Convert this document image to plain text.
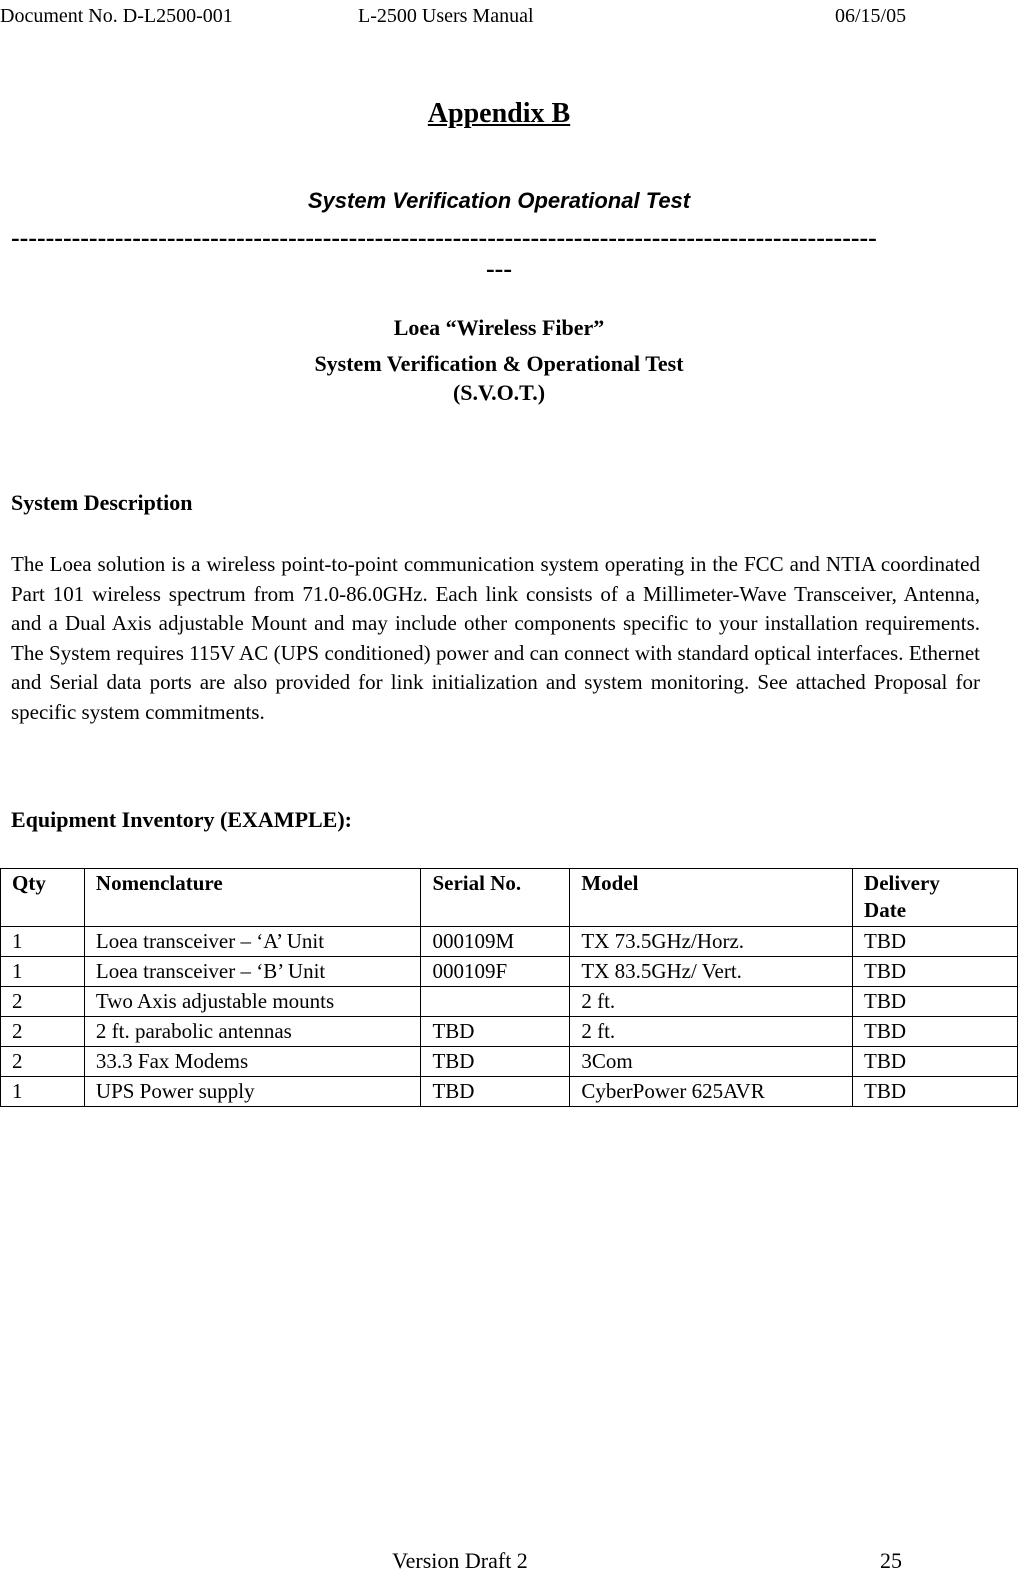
Document No. D-L2500-001	L-2500 Users Manual	06/15/05
Appendix B
System Verification Operational Test
----------------------------------------------------------------------------------------------------
---
Loea “Wireless Fiber”
System Verification & Operational Test
(S.V.O.T.)
System Description
The Loea solution is a wireless point-to-point communication system operating in the FCC and NTIA coordinated Part 101 wireless spectrum from 71.0-86.0GHz. Each link consists of a Millimeter-Wave Transceiver, Antenna, and a Dual Axis adjustable Mount and may include other components specific to your installation requirements. The System requires 115V AC (UPS conditioned) power and can connect with standard optical interfaces. Ethernet and Serial data ports are also provided for link initialization and system monitoring. See attached Proposal for specific system commitments.
Equipment Inventory (EXAMPLE):
Qty	Nomenclature	Serial No.	Model	Delivery Date
1	Loea transceiver – ‘A’ Unit	000109M	TX 73.5GHz/Horz.	TBD
1	Loea transceiver – ‘B’ Unit	000109F	TX 83.5GHz/ Vert.	TBD
2	Two Axis adjustable mounts		2 ft.	TBD
2	2 ft. parabolic antennas	TBD	2 ft.	TBD
2	33.3 Fax Modems	TBD	3Com	TBD
1	UPS Power supply	TBD	CyberPower 625AVR	TBD
Version Draft 2	25
